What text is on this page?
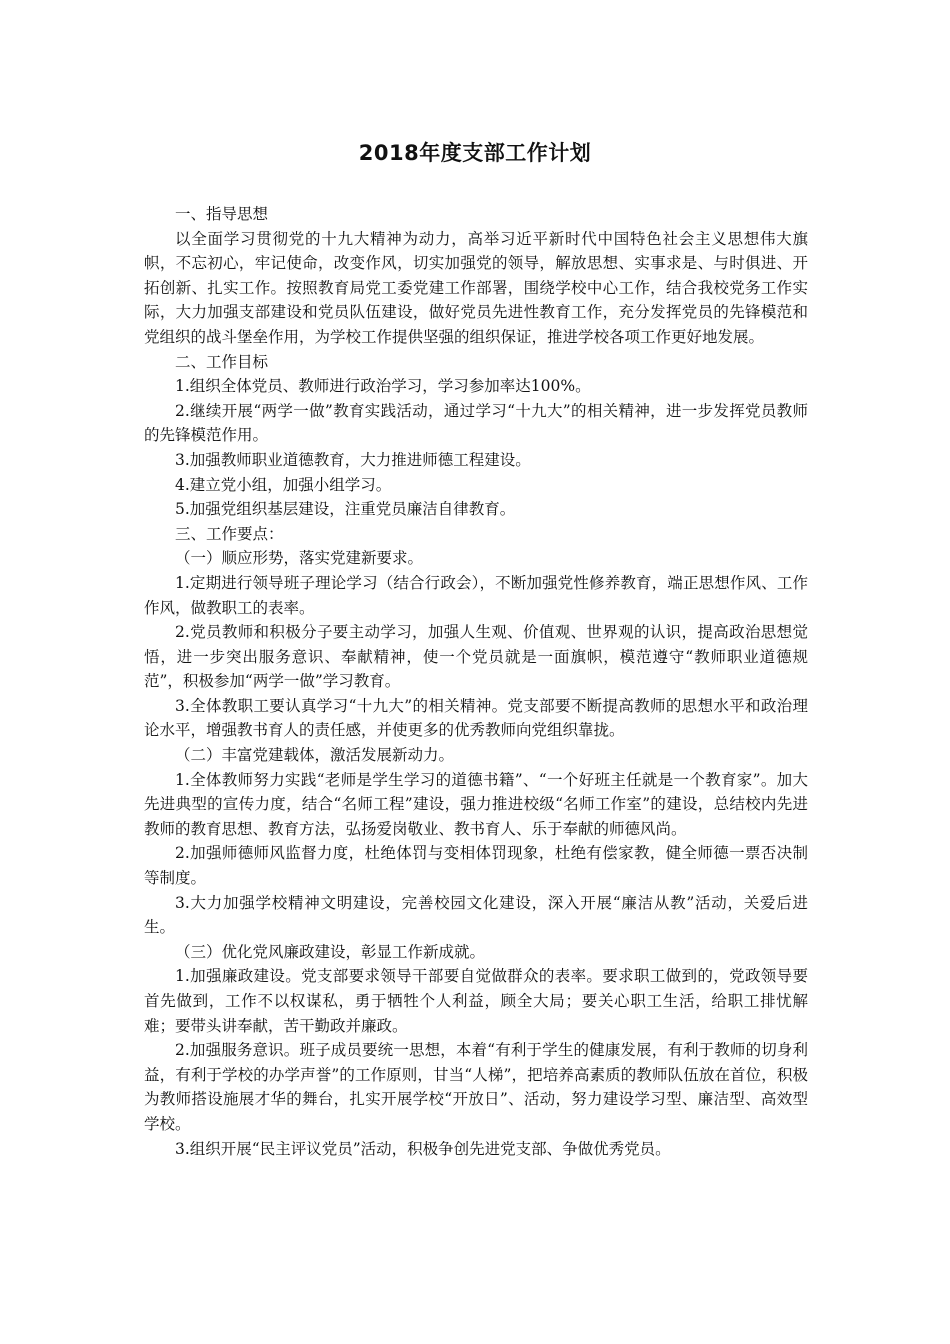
2018年度支部工作计划

一、指导思想

以全面学习贯彻党的十九大精神为动力，高举习近平新时代中国特色社会主义思想伟大旗帜，不忘初心，牢记使命，改变作风，切实加强党的领导，解放思想、实事求是、与时俱进、开拓创新、扎实工作。按照教育局党工委党建工作部署，围绕学校中心工作，结合我校党务工作实际，大力加强支部建设和党员队伍建设，做好党员先进性教育工作，充分发挥党员的先锋模范和党组织的战斗堡垒作用，为学校工作提供坚强的组织保证，推进学校各项工作更好地发展。

二、工作目标

1.组织全体党员、教师进行政治学习，学习参加率达100%。

2.继续开展“两学一做”教育实践活动，通过学习“十九大”的相关精神，进一步发挥党员教师的先锋模范作用。

3.加强教师职业道德教育，大力推进师德工程建设。

4.建立党小组，加强小组学习。

5.加强党组织基层建设，注重党员廉洁自律教育。

三、工作要点：

（一）顺应形势，落实党建新要求。

1.定期进行领导班子理论学习（结合行政会），不断加强党性修养教育，端正思想作风、工作作风，做教职工的表率。

2.党员教师和积极分子要主动学习，加强人生观、价值观、世界观的认识，提高政治思想觉悟，进一步突出服务意识、奉献精神，使一个党员就是一面旗帜，模范遵守“教师职业道德规范”，积极参加“两学一做”学习教育。

3.全体教职工要认真学习“十九大”的相关精神。党支部要不断提高教师的思想水平和政治理论水平，增强教书育人的责任感，并使更多的优秀教师向党组织靠拢。

（二）丰富党建载体，激活发展新动力。

1.全体教师努力实践“老师是学生学习的道德书籍”、“一个好班主任就是一个教育家”。加大先进典型的宣传力度，结合“名师工程”建设，强力推进校级“名师工作室”的建设，总结校内先进教师的教育思想、教育方法，弘扬爱岗敬业、教书育人、乐于奉献的师德风尚。

2.加强师德师风监督力度，杜绝体罚与变相体罚现象，杜绝有偿家教，健全师德一票否决制等制度。

3.大力加强学校精神文明建设，完善校园文化建设，深入开展“廉洁从教”活动，关爱后进生。

（三）优化党风廉政建设，彰显工作新成就。

1.加强廉政建设。党支部要求领导干部要自觉做群众的表率。要求职工做到的，党政领导要首先做到，工作不以权谋私，勇于牺牲个人利益，顾全大局；要关心职工生活，给职工排忧解难；要带头讲奉献，苦干勤政并廉政。

2.加强服务意识。班子成员要统一思想，本着“有利于学生的健康发展，有利于教师的切身利益，有利于学校的办学声誉”的工作原则，甘当“人梯”，把培养高素质的教师队伍放在首位，积极为教师搭设施展才华的舞台，扎实开展学校“开放日”、活动，努力建设学习型、廉洁型、高效型学校。

3.组织开展“民主评议党员”活动，积极争创先进党支部、争做优秀党员。
